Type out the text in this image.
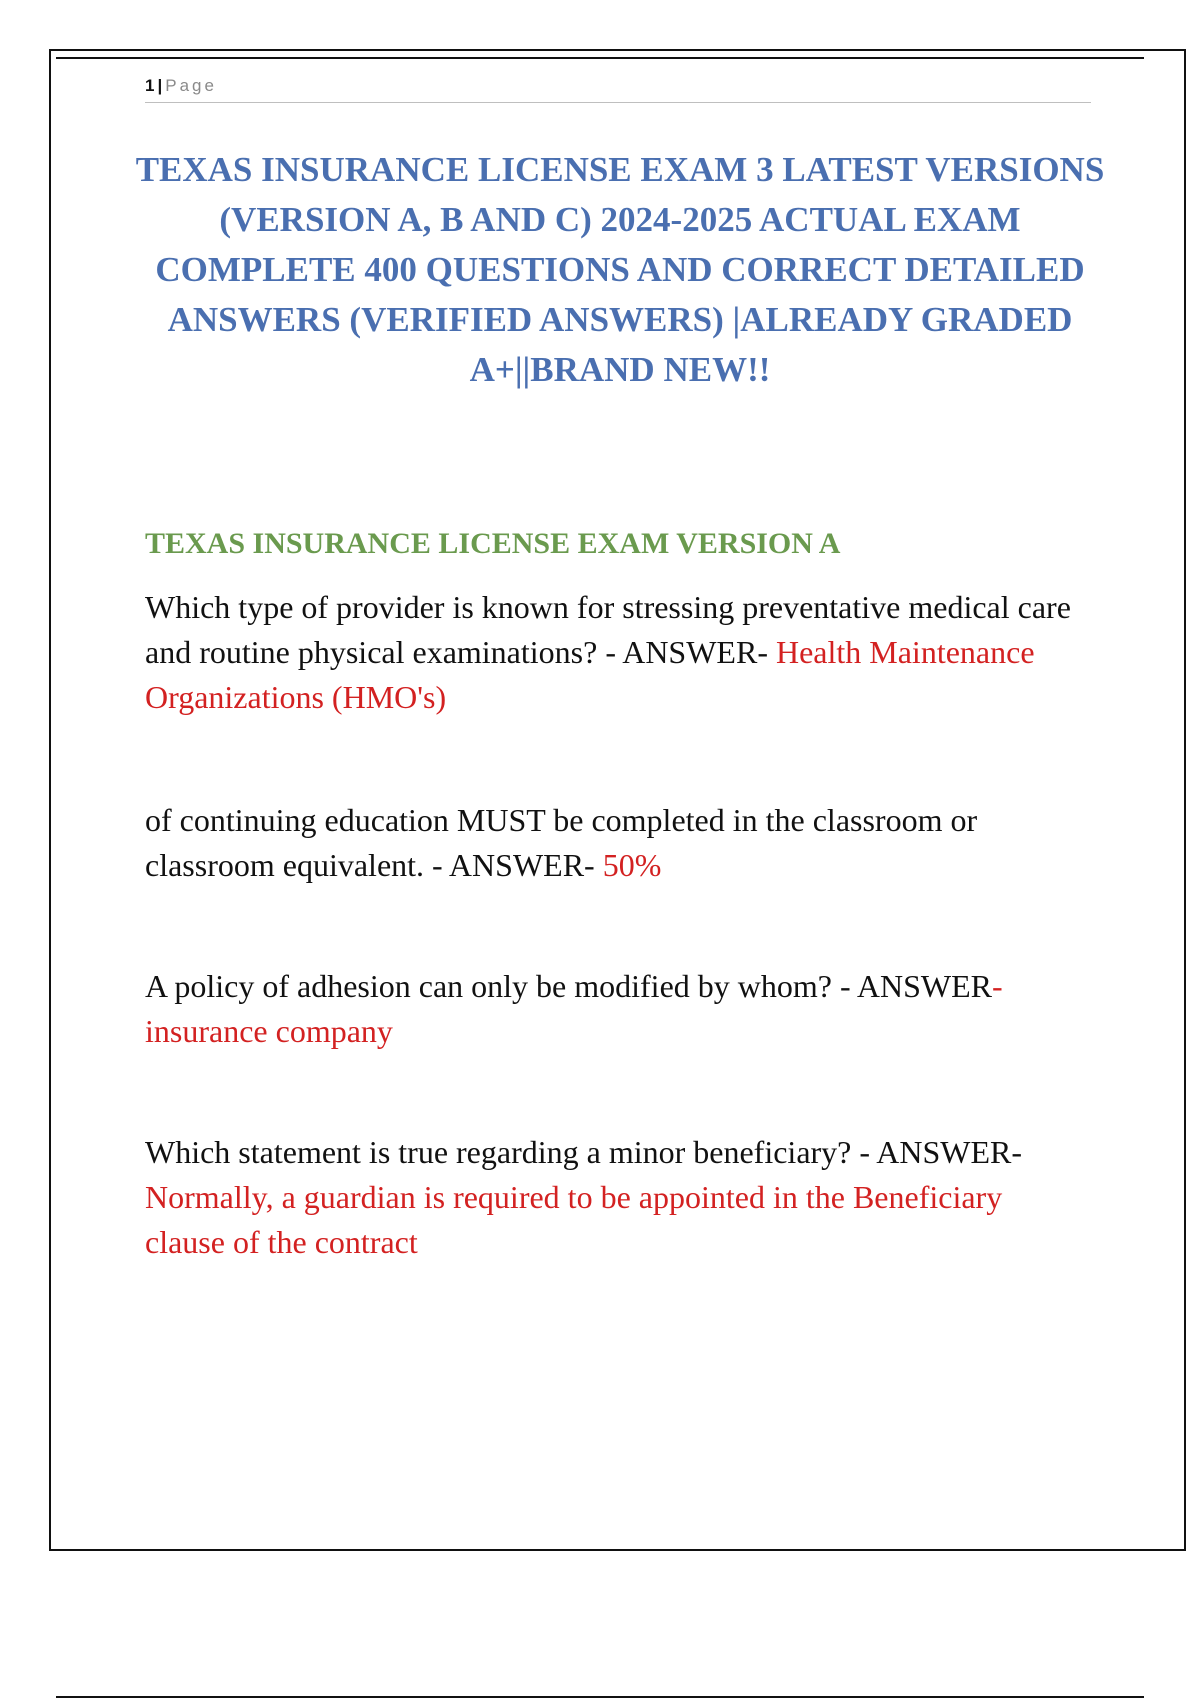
1 | Page
TEXAS INSURANCE LICENSE EXAM 3 LATEST VERSIONS (VERSION A, B AND C) 2024-2025 ACTUAL EXAM COMPLETE 400 QUESTIONS AND CORRECT DETAILED ANSWERS (VERIFIED ANSWERS) |ALREADY GRADED A+||BRAND NEW!!
TEXAS INSURANCE LICENSE EXAM VERSION A

Which type of provider is known for stressing preventative medical care and routine physical examinations? - ANSWER- Health Maintenance Organizations (HMO's)

of continuing education MUST be completed in the classroom or classroom equivalent. - ANSWER- 50%

A policy of adhesion can only be modified by whom? - ANSWER- insurance company

Which statement is true regarding a minor beneficiary? - ANSWER- Normally, a guardian is required to be appointed in the Beneficiary clause of the contract
